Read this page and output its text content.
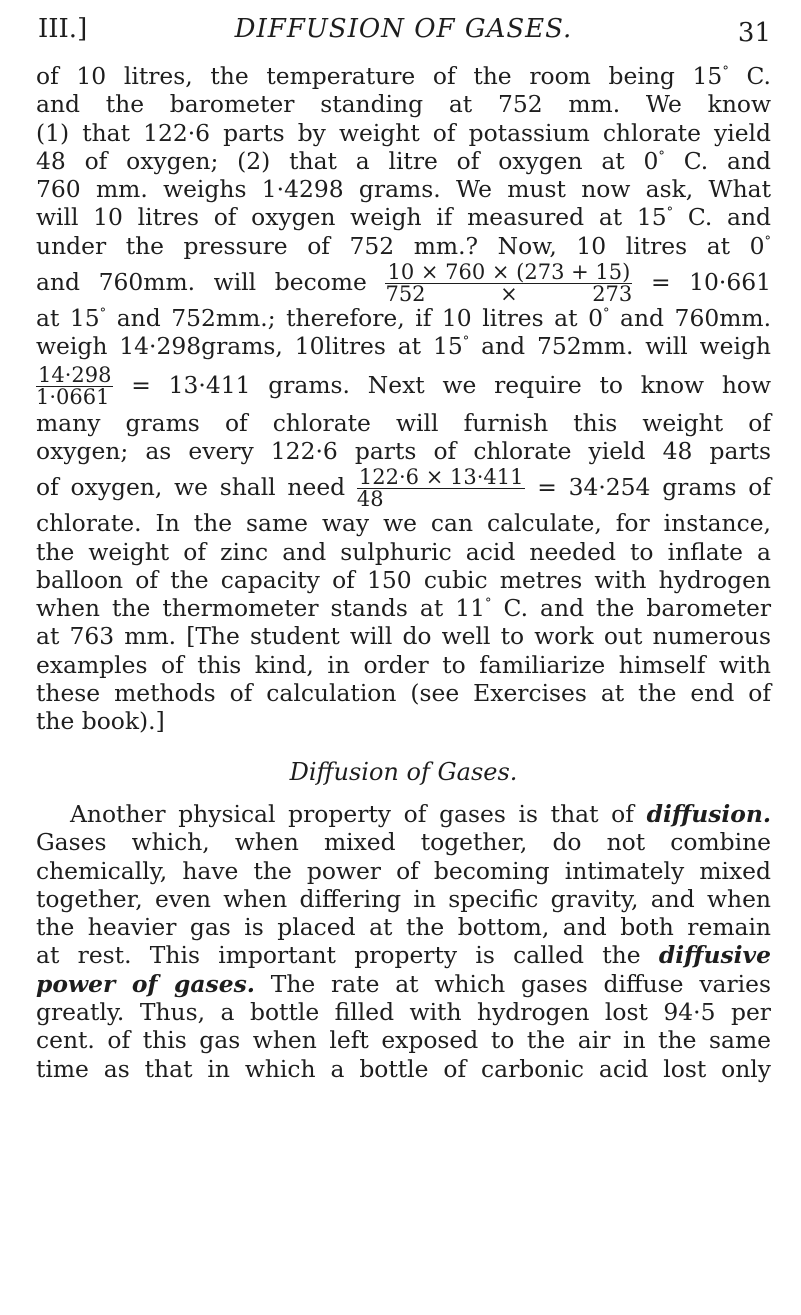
III.]	DIFFUSION OF GASES.	31
of 10 litres, the temperature of the room being 15° C.
and the barometer standing at 752 mm. We know
(1) that 122·6 parts by weight of potassium chlorate yield
48 of oxygen; (2) that a litre of oxygen at 0° C. and
760 mm. weighs 1·4298 grams. We must now ask, What
will 10 litres of oxygen weigh if measured at 15° C. and
under the pressure of 752 mm.? Now, 10 litres at 0°
and 760mm. will become $\frac{10 \times 760 \times (273 + 15)}{752 \times 273} = 10\cdot 661$
at 15° and 752mm.; therefore, if 10 litres at 0° and 760mm.
weigh 14·298grams, 10litres at 15° and 752mm. will weigh
$\frac{14\cdot 298}{1\cdot 0661} = 13\cdot 411$ grams. Next we require to know how
many grams of chlorate will furnish this weight of
oxygen; as every 122·6 parts of chlorate yield 48 parts
of oxygen, we shall need $\frac{122\cdot 6 \times 13\cdot 411}{48} = 34\cdot 254$ grams of
chlorate. In the same way we can calculate, for instance,
the weight of zinc and sulphuric acid needed to inflate a
balloon of the capacity of 150 cubic metres with hydrogen
when the thermometer stands at 11° C. and the barometer
at 763 mm. [The student will do well to work out numerous
examples of this kind, in order to familiarize himself with
these methods of calculation (see Exercises at the end of
the book).]
Diffusion of Gases.
Another physical property of gases is that of diffusion.
Gases which, when mixed together, do not combine
chemically, have the power of becoming intimately mixed
together, even when differing in specific gravity, and when
the heavier gas is placed at the bottom, and both remain
at rest. This important property is called the diffusive
power of gases. The rate at which gases diffuse varies
greatly. Thus, a bottle filled with hydrogen lost 94·5 per
cent. of this gas when left exposed to the air in the same
time as that in which a bottle of carbonic acid lost only
